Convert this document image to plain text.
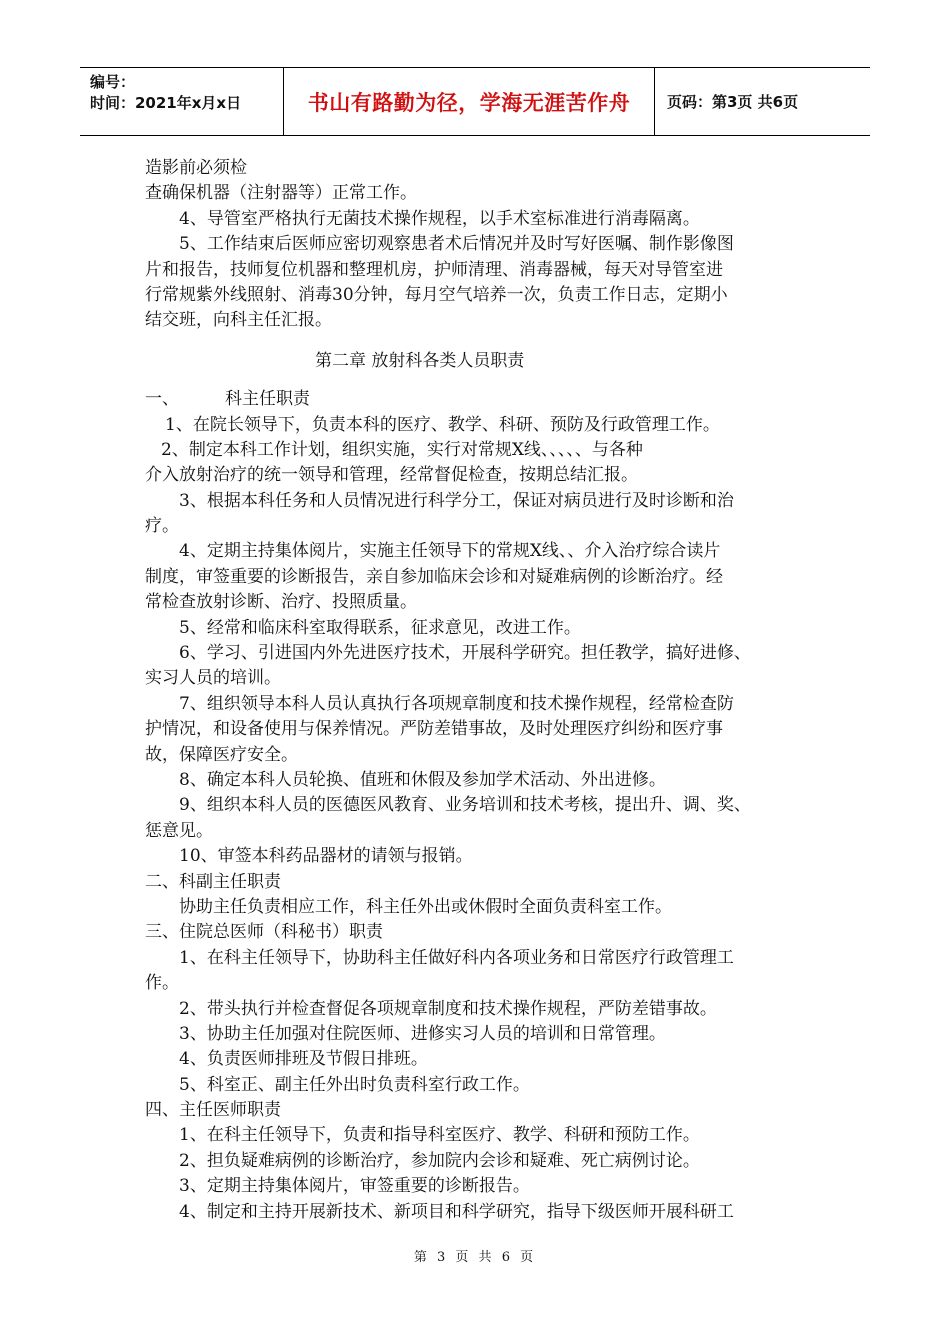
编号：
时间：2021年x月x日	书山有路勤为径，学海无涯苦作舟	页码：第3页 共6页
造影前必须检
查确保机器（注射器等）正常工作。
4、导管室严格执行无菌技术操作规程，以手术室标准进行消毒隔离。
5、工作结束后医师应密切观察患者术后情况并及时写好医嘱、制作影像图
片和报告，技师复位机器和整理机房，护师清理、消毒器械，每天对导管室进
行常规紫外线照射、消毒30分钟，每月空气培养一次，负责工作日志，定期小
结交班，向科主任汇报。
第二章 放射科各类人员职责
一、	科主任职责
1、在院长领导下，负责本科的医疗、教学、科研、预防及行政管理工作。
2、制定本科工作计划，组织实施，实行对常规X线、、、、、与各种
介入放射治疗的统一领导和管理，经常督促检查，按期总结汇报。
3、根据本科任务和人员情况进行科学分工，保证对病员进行及时诊断和治
疗。
4、定期主持集体阅片，实施主任领导下的常规X线、、介入治疗综合读片
制度，审签重要的诊断报告，亲自参加临床会诊和对疑难病例的诊断治疗。经
常检查放射诊断、治疗、投照质量。
5、经常和临床科室取得联系，征求意见，改进工作。
6、学习、引进国内外先进医疗技术，开展科学研究。担任教学，搞好进修、
实习人员的培训。
7、组织领导本科人员认真执行各项规章制度和技术操作规程，经常检查防
护情况，和设备使用与保养情况。严防差错事故，及时处理医疗纠纷和医疗事
故，保障医疗安全。
8、确定本科人员轮换、值班和休假及参加学术活动、外出进修。
9、组织本科人员的医德医风教育、业务培训和技术考核，提出升、调、奖、
惩意见。
10、审签本科药品器材的请领与报销。
二、科副主任职责
协助主任负责相应工作，科主任外出或休假时全面负责科室工作。
三、住院总医师（科秘书）职责
1、在科主任领导下，协助科主任做好科内各项业务和日常医疗行政管理工
作。
2、带头执行并检查督促各项规章制度和技术操作规程，严防差错事故。
3、协助主任加强对住院医师、进修实习人员的培训和日常管理。
4、负责医师排班及节假日排班。
5、科室正、副主任外出时负责科室行政工作。
四、主任医师职责
1、在科主任领导下，负责和指导科室医疗、教学、科研和预防工作。
2、担负疑难病例的诊断治疗，参加院内会诊和疑难、死亡病例讨论。
3、定期主持集体阅片，审签重要的诊断报告。
4、制定和主持开展新技术、新项目和科学研究，指导下级医师开展科研工
第 3 页 共 6 页
